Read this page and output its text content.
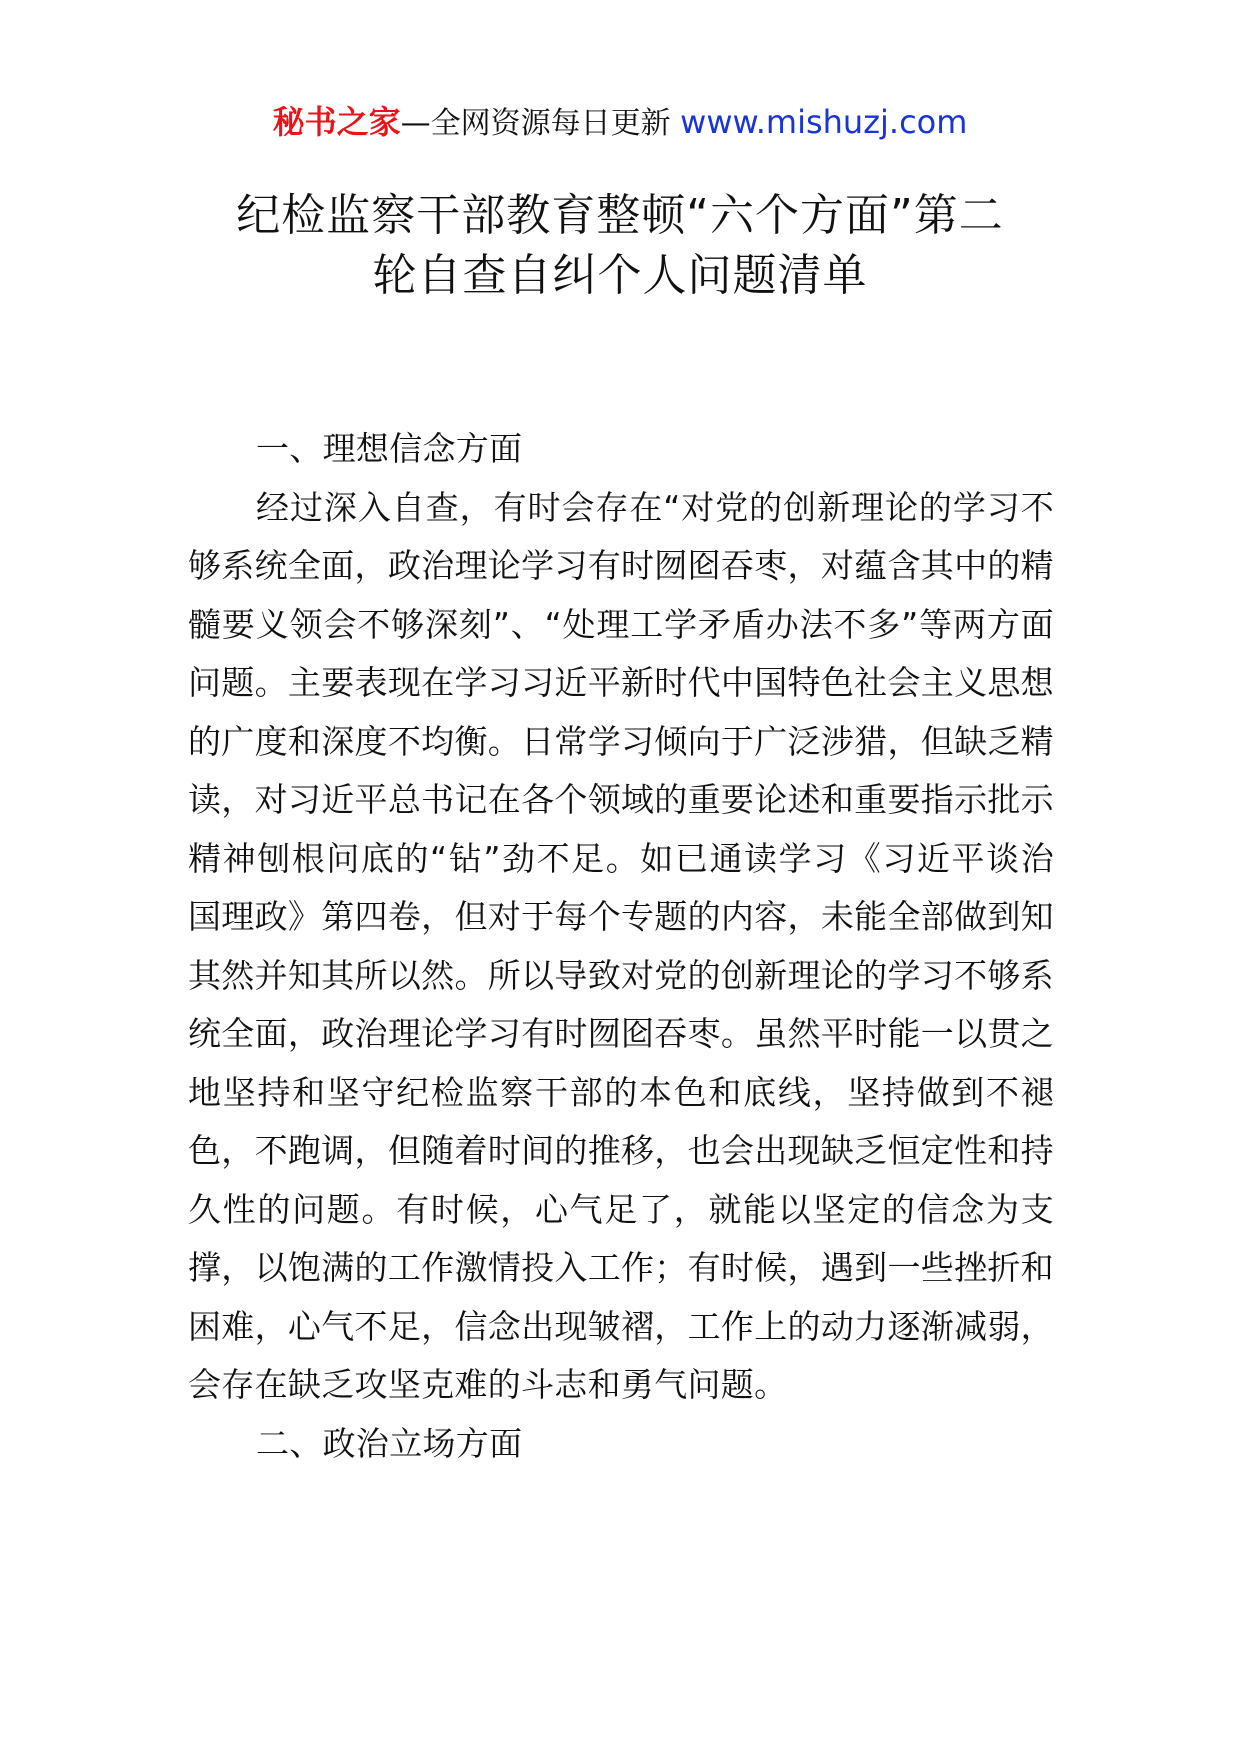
秘书之家—全网资源每日更新 www.mishuzj.com
纪检监察干部教育整顿“六个方面”第二
轮自查自纠个人问题清单

一、理想信念方面

经过深入自查，有时会存在“对党的创新理论的学习不够系统全面，政治理论学习有时囫囵吞枣，对蕴含其中的精髓要义领会不够深刻”、“处理工学矛盾办法不多”等两方面问题。主要表现在学习习近平新时代中国特色社会主义思想的广度和深度不均衡。日常学习倾向于广泛涉猎，但缺乏精读，对习近平总书记在各个领域的重要论述和重要指示批示精神刨根问底的“钻”劲不足。如已通读学习《习近平谈治国理政》第四卷，但对于每个专题的内容，未能全部做到知其然并知其所以然。所以导致对党的创新理论的学习不够系统全面，政治理论学习有时囫囵吞枣。虽然平时能一以贯之地坚持和坚守纪检监察干部的本色和底线，坚持做到不褪色，不跑调，但随着时间的推移，也会出现缺乏恒定性和持久性的问题。有时候，心气足了，就能以坚定的信念为支撑，以饱满的工作激情投入工作；有时候，遇到一些挫折和困难，心气不足，信念出现皱褶，工作上的动力逐渐减弱，会存在缺乏攻坚克难的斗志和勇气问题。

二、政治立场方面
